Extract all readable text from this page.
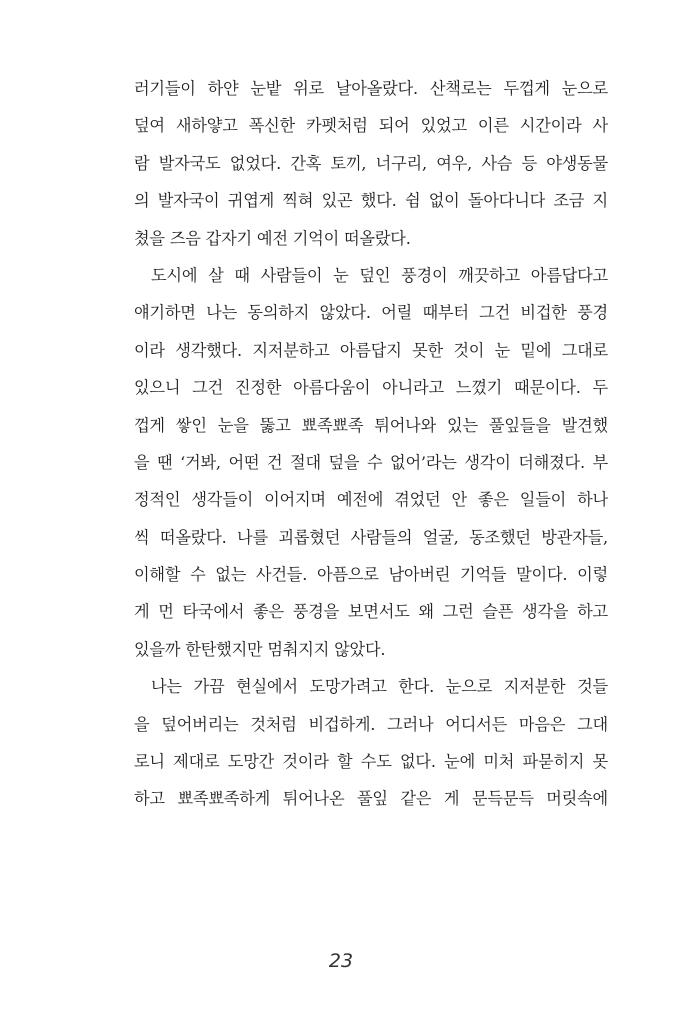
러기들이 하얀 눈밭 위로 날아올랐다. 산책로는 두껍게 눈으로
덮여 새하얗고 폭신한 카펫처럼 되어 있었고 이른 시간이라 사
람 발자국도 없었다. 간혹 토끼, 너구리, 여우, 사슴 등 야생동물
의 발자국이 귀엽게 찍혀 있곤 했다. 쉼 없이 돌아다니다 조금 지
쳤을 즈음 갑자기 예전 기억이 떠올랐다.
도시에 살 때 사람들이 눈 덮인 풍경이 깨끗하고 아름답다고
얘기하면 나는 동의하지 않았다. 어릴 때부터 그건 비겁한 풍경
이라 생각했다. 지저분하고 아름답지 못한 것이 눈 밑에 그대로
있으니 그건 진정한 아름다움이 아니라고 느꼈기 때문이다. 두
껍게 쌓인 눈을 뚫고 뾰족뾰족 튀어나와 있는 풀잎들을 발견했
을 땐 ‘거봐, 어떤 건 절대 덮을 수 없어’라는 생각이 더해졌다. 부
정적인 생각들이 이어지며 예전에 겪었던 안 좋은 일들이 하나
씩 떠올랐다. 나를 괴롭혔던 사람들의 얼굴, 동조했던 방관자들,
이해할 수 없는 사건들. 아픔으로 남아버린 기억들 말이다. 이렇
게 먼 타국에서 좋은 풍경을 보면서도 왜 그런 슬픈 생각을 하고
있을까 한탄했지만 멈춰지지 않았다.
나는 가끔 현실에서 도망가려고 한다. 눈으로 지저분한 것들
을 덮어버리는 것처럼 비겁하게. 그러나 어디서든 마음은 그대
로니 제대로 도망간 것이라 할 수도 없다. 눈에 미처 파묻히지 못
하고 뾰족뾰족하게 튀어나온 풀잎 같은 게 문득문득 머릿속에
23
